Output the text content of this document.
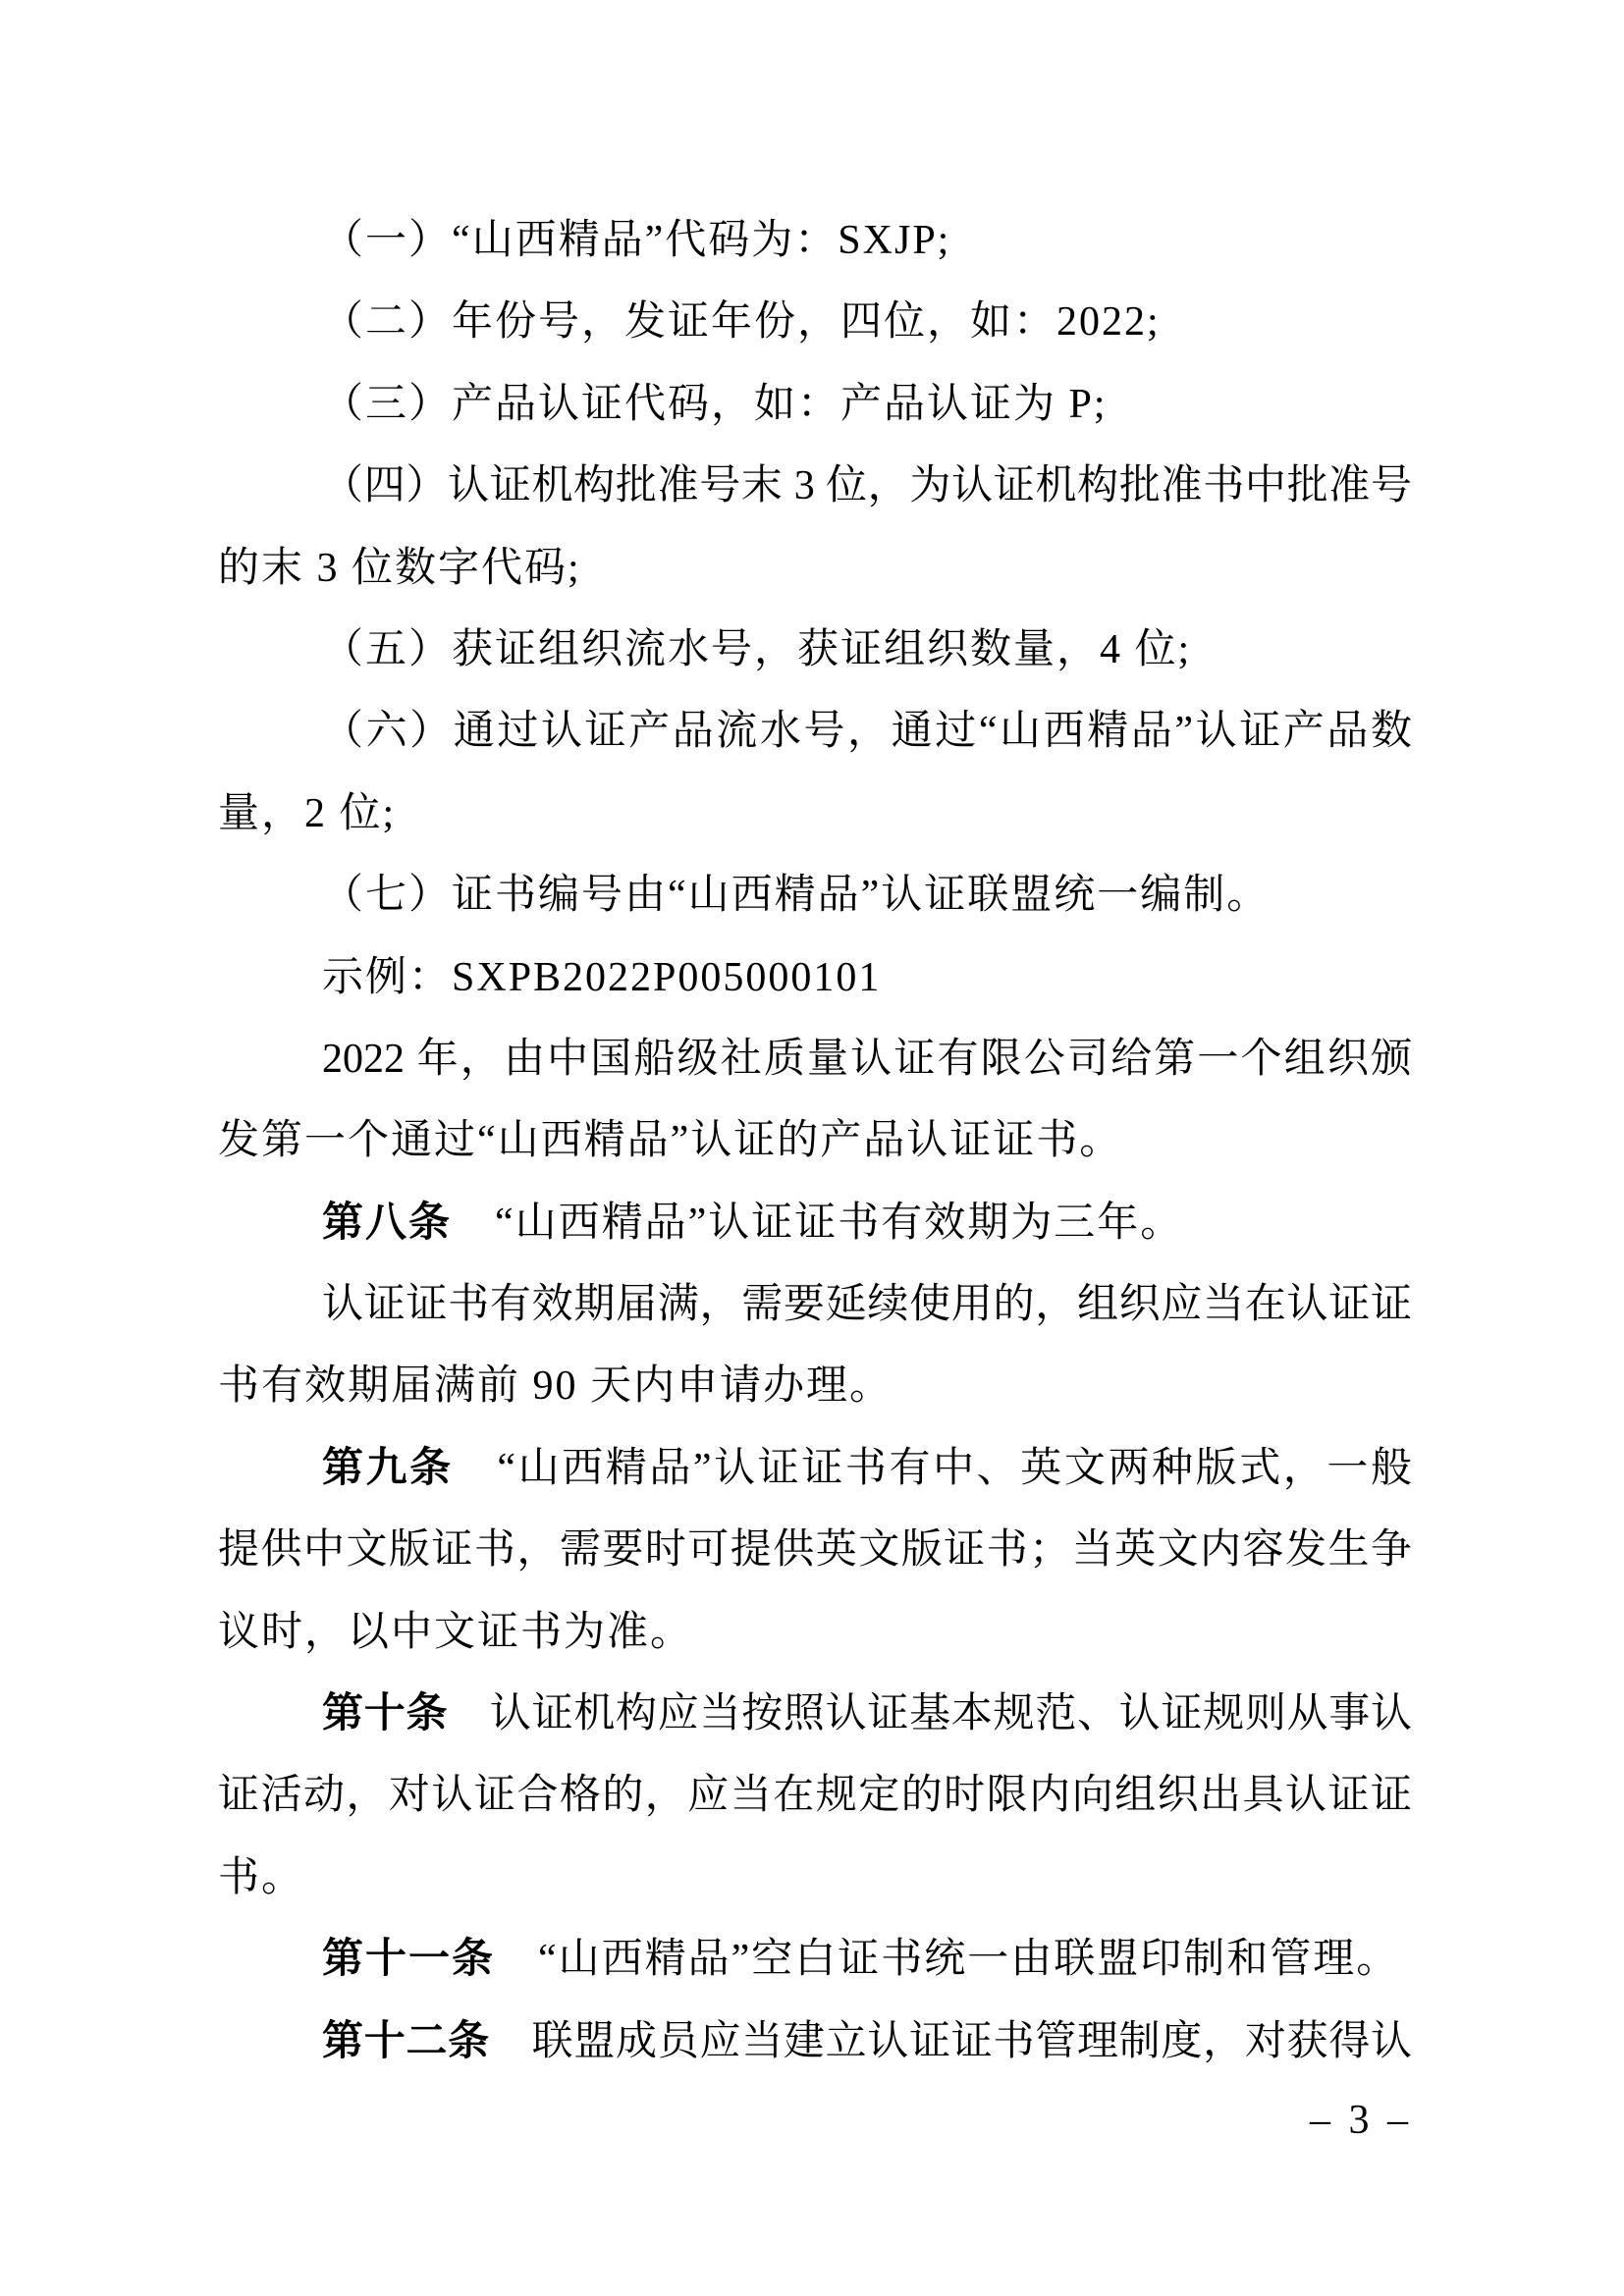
（一）“山西精品”代码为：SXJP;
（二）年份号，发证年份，四位，如：2022;
（三）产品认证代码，如：产品认证为 P;
（四）认证机构批准号末 3 位，为认证机构批准书中批准号
的末 3 位数字代码;
（五）获证组织流水号，获证组织数量，4 位;
（六）通过认证产品流水号，通过“山西精品”认证产品数
量，2 位;
（七）证书编号由“山西精品”认证联盟统一编制。
示例：SXPB2022P005000101
2022 年，由中国船级社质量认证有限公司给第一个组织颁
发第一个通过“山西精品”认证的产品认证证书。
第八条　“山西精品”认证证书有效期为三年。
认证证书有效期届满，需要延续使用的，组织应当在认证证
书有效期届满前 90 天内申请办理。
第九条　“山西精品”认证证书有中、英文两种版式，一般
提供中文版证书，需要时可提供英文版证书；当英文内容发生争
议时，以中文证书为准。
第十条　认证机构应当按照认证基本规范、认证规则从事认
证活动，对认证合格的，应当在规定的时限内向组织出具认证证
书。
第十一条　“山西精品”空白证书统一由联盟印制和管理。
第十二条　联盟成员应当建立认证证书管理制度，对获得认
– 3 –
